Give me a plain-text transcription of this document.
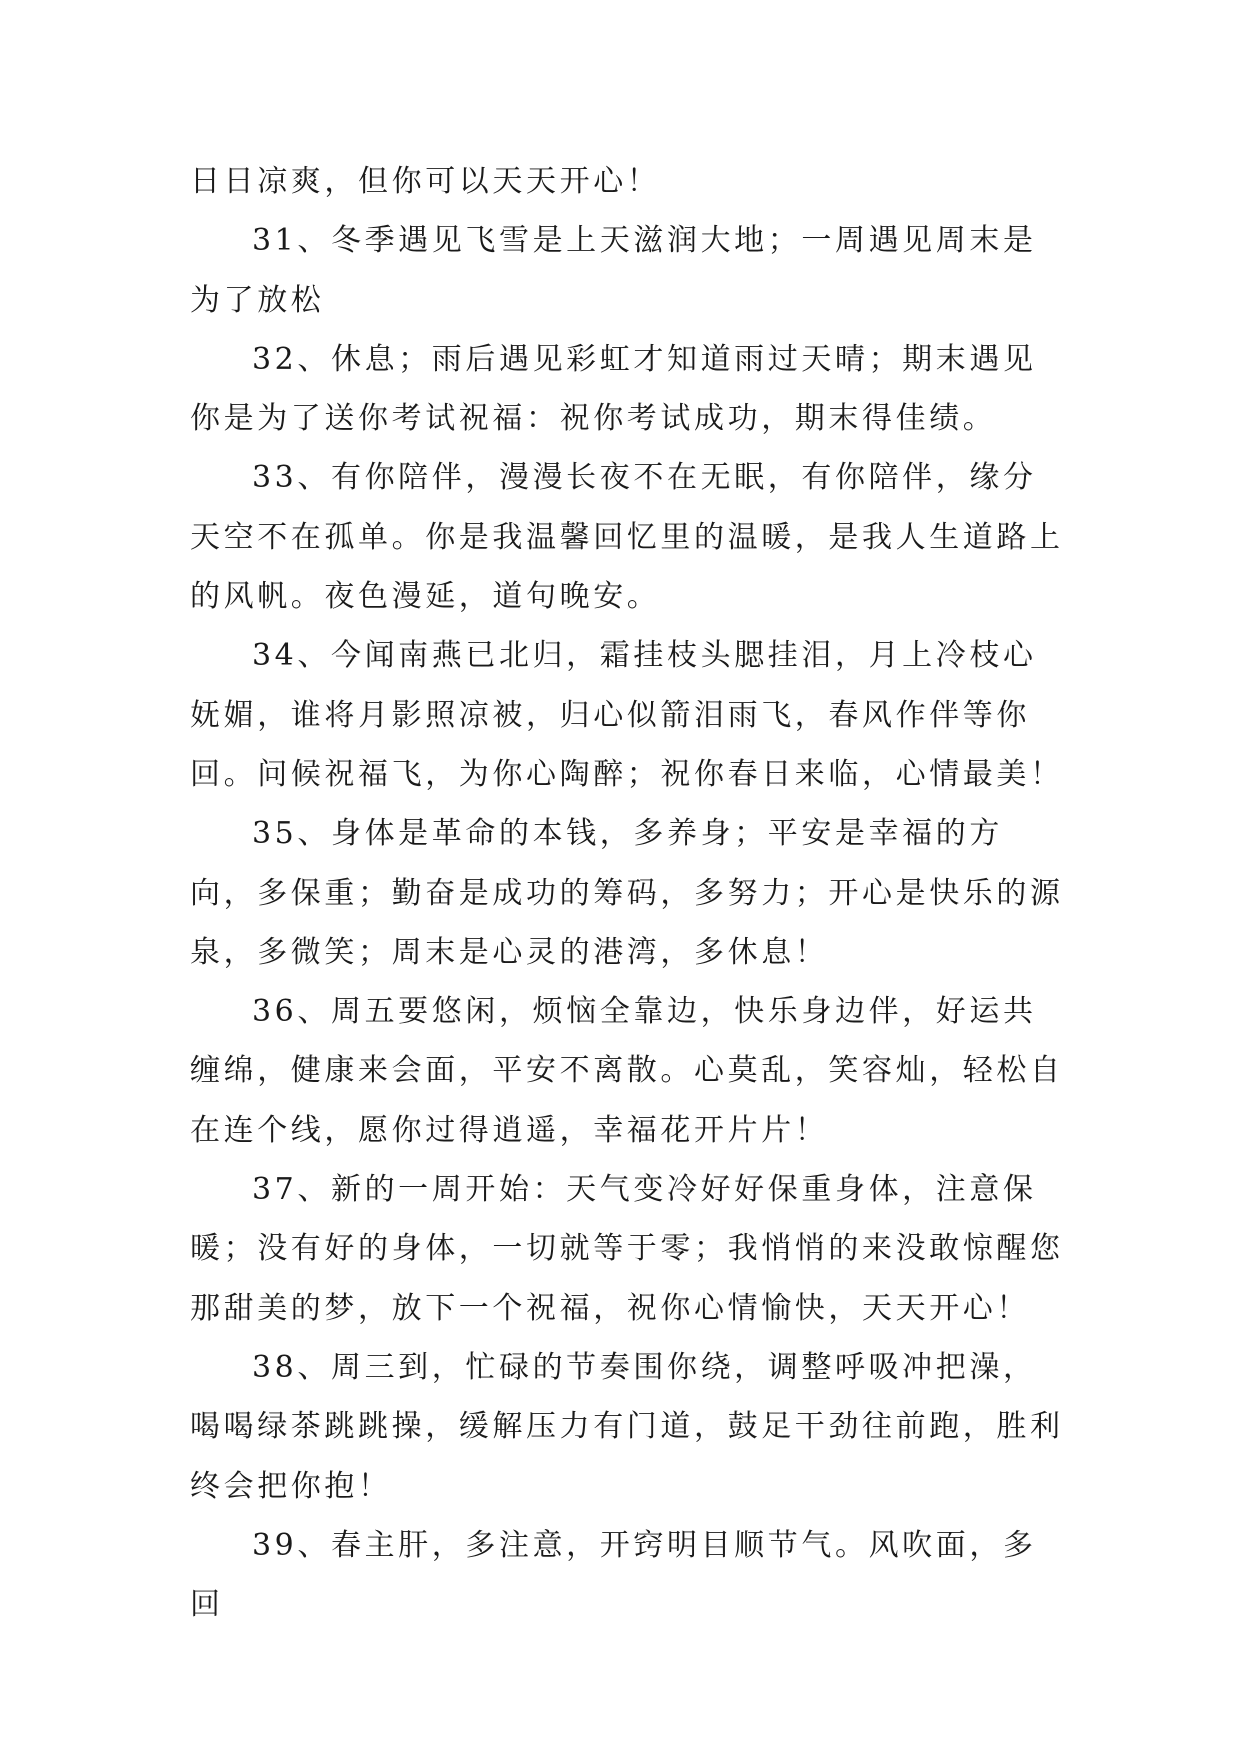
日日凉爽，但你可以天天开心！

31、冬季遇见飞雪是上天滋润大地；一周遇见周末是为了放松

32、休息；雨后遇见彩虹才知道雨过天晴；期末遇见你是为了送你考试祝福：祝你考试成功，期末得佳绩。

33、有你陪伴，漫漫长夜不在无眠，有你陪伴，缘分天空不在孤单。你是我温馨回忆里的温暖，是我人生道路上的风帆。夜色漫延，道句晚安。

34、今闻南燕已北归，霜挂枝头腮挂泪，月上冷枝心妩媚，谁将月影照凉被，归心似箭泪雨飞，春风作伴等你回。问候祝福飞，为你心陶醉；祝你春日来临，心情最美！

35、身体是革命的本钱，多养身；平安是幸福的方向，多保重；勤奋是成功的筹码，多努力；开心是快乐的源泉，多微笑；周末是心灵的港湾，多休息！

36、周五要悠闲，烦恼全靠边，快乐身边伴，好运共缠绵，健康来会面，平安不离散。心莫乱，笑容灿，轻松自在连个线，愿你过得逍遥，幸福花开片片！

37、新的一周开始：天气变冷好好保重身体，注意保暖；没有好的身体，一切就等于零；我悄悄的来没敢惊醒您那甜美的梦，放下一个祝福，祝你心情愉快，天天开心！

38、周三到，忙碌的节奏围你绕，调整呼吸冲把澡，喝喝绿茶跳跳操，缓解压力有门道，鼓足干劲往前跑，胜利终会把你抱！

39、春主肝，多注意，开窍明目顺节气。风吹面，多回
